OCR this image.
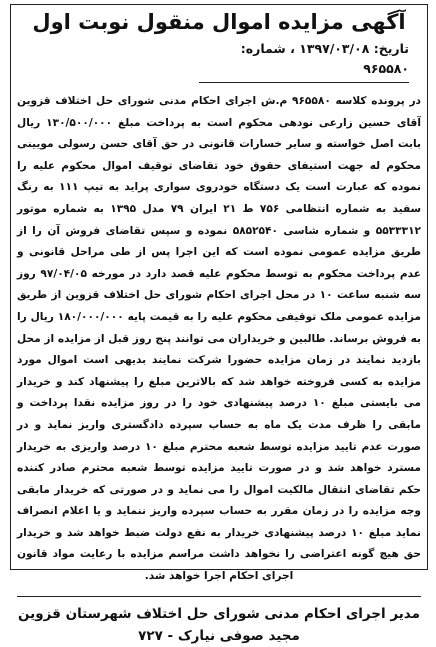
آگهی مزایده اموال منقول نوبت اول
تاریخ: ۱۳۹۷/۰۳/۰۸ ، شماره: ۹۶۵۵۸۰
در پرونده کلاسه ۹۶۵۵۸۰ م.ش اجرای احکام مدنی شورای حل اختلاف قزوین آقای حسین زارعی نودهی محکوم است به پرداخت مبلغ ۱۳۰/۵۰۰/۰۰۰ ریال بابت اصل خواسته و سایر خسارات قانونی در حق آقای حسن رسولی مویینی محکوم له جهت استیفای حقوق خود تقاضای توقیف اموال محکوم علیه را نموده که عبارت است یک دستگاه خودروی سواری پراید به تیپ ۱۱۱ به رنگ سفید به شماره انتظامی ۷۵۶ ط ۲۱ ایران ۷۹ مدل ۱۳۹۵ به شماره موتور ۵۵۳۳۳۱۲ و شماره شاسی ۵۸۵۲۵۴۰ نموده و سپس تقاضای فروش آن را از طریق مزایده عمومی نموده است که این اجرا پس از طی مراحل قانونی و عدم پرداخت محکوم به توسط محکوم علیه قصد دارد در مورخه ۹۷/۰۴/۰۵ روز سه شنبه ساعت ۱۰ در محل اجرای احکام شورای حل اختلاف قزوین از طریق مزایده عمومی ملک توقیفی محکوم علیه را به قیمت پایه ۱۸۰/۰۰۰/۰۰۰ ریال را به فروش برساند. طالبین و خریداران می توانند پنج روز قبل از مزایده از محل بازدید نمایند در زمان مزایده حضورا شرکت نمایند بدیهی است اموال مورد مزایده به کسی فروخته خواهد شد که بالاترین مبلغ را پیشنهاد کند و خریدار می بایستی مبلغ ۱۰ درصد پیشنهادی خود را در روز مزایده نقدا پرداخت و مابقی را ظرف مدت یک ماه به حساب سپرده دادگستری واریز نماید و در صورت عدم تایید مزایده توسط شعبه محترم مبلغ ۱۰ درصد واریزی به خریدار مسترد خواهد شد و در صورت تایید مزایده توسط شعبه محترم صادر کننده حکم تقاضای انتقال مالکیت اموال را می نماید و در صورتی که خریدار مابقی وجه مزایده را در زمان مقرر به حساب سپرده واریز ننماید و یا اعلام انصراف نماید مبلغ ۱۰ درصد پیشنهادی خریدار به نفع دولت ضبط خواهد شد و خریدار حق هیچ گونه اعتراضی را نخواهد داشت مراسم مزایده با رعایت مواد قانون اجرای احکام اجرا خواهد شد.
مدیر اجرای احکام مدنی شورای حل اختلاف شهرستان قزوین
مجید صوفی نیارک - ۷۲۷
